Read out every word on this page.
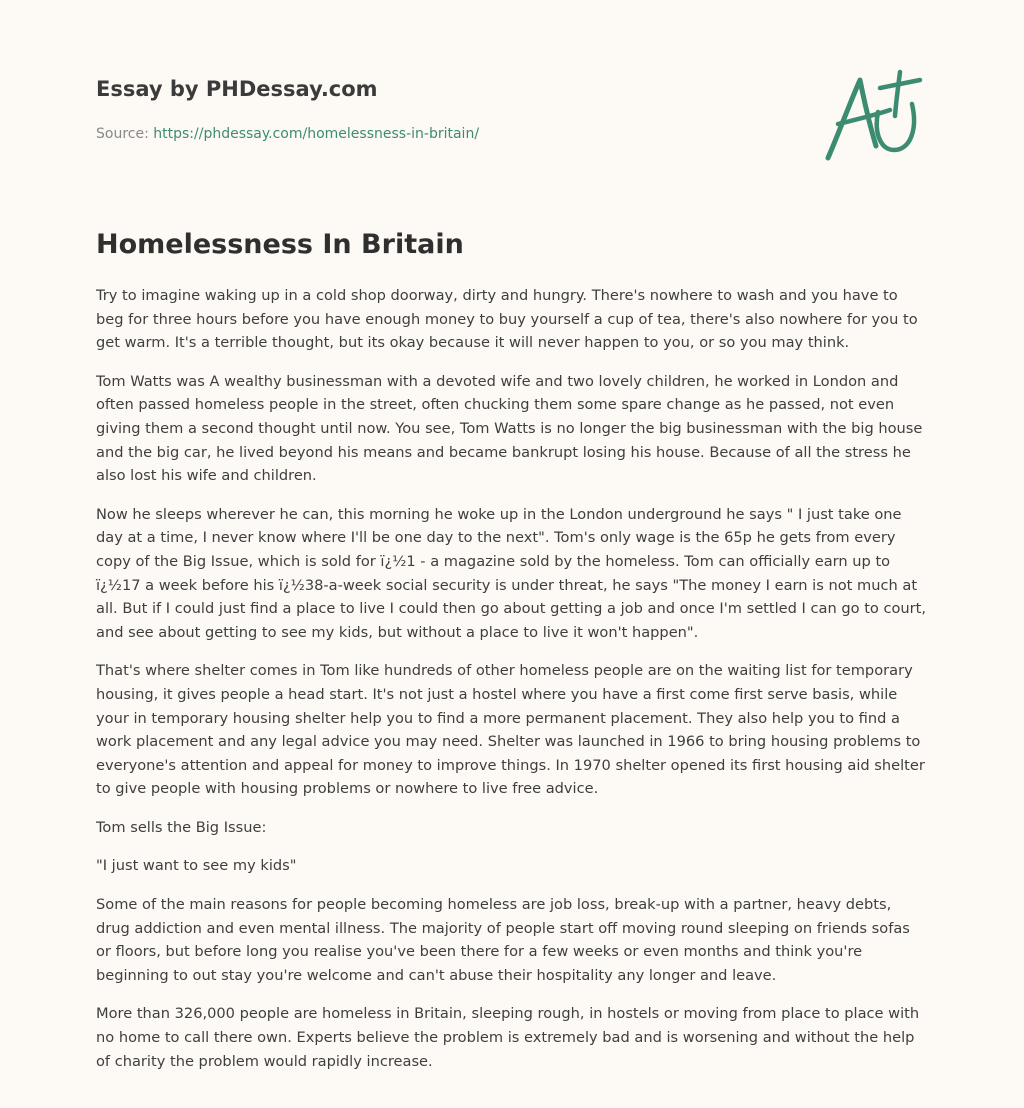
Essay by PHDessay.com
Source: https://phdessay.com/homelessness-in-britain/
Homelessness In Britain

Try to imagine waking up in a cold shop doorway, dirty and hungry. There's nowhere to wash and you have to beg for three hours before you have enough money to buy yourself a cup of tea, there's also nowhere for you to get warm. It's a terrible thought, but its okay because it will never happen to you, or so you may think.

Tom Watts was A wealthy businessman with a devoted wife and two lovely children, he worked in London and often passed homeless people in the street, often chucking them some spare change as he passed, not even giving them a second thought until now. You see, Tom Watts is no longer the big businessman with the big house and the big car, he lived beyond his means and became bankrupt losing his house. Because of all the stress he also lost his wife and children.

Now he sleeps wherever he can, this morning he woke up in the London underground he says " I just take one day at a time, I never know where I'll be one day to the next". Tom's only wage is the 65p he gets from every copy of the Big Issue, which is sold for ï¿½1 - a magazine sold by the homeless. Tom can officially earn up to ï¿½17 a week before his ï¿½38-a-week social security is under threat, he says "The money I earn is not much at all. But if I could just find a place to live I could then go about getting a job and once I'm settled I can go to court, and see about getting to see my kids, but without a place to live it won't happen".

That's where shelter comes in Tom like hundreds of other homeless people are on the waiting list for temporary housing, it gives people a head start. It's not just a hostel where you have a first come first serve basis, while your in temporary housing shelter help you to find a more permanent placement. They also help you to find a work placement and any legal advice you may need. Shelter was launched in 1966 to bring housing problems to everyone's attention and appeal for money to improve things. In 1970 shelter opened its first housing aid shelter to give people with housing problems or nowhere to live free advice.

Tom sells the Big Issue:

"I just want to see my kids"

Some of the main reasons for people becoming homeless are job loss, break-up with a partner, heavy debts, drug addiction and even mental illness. The majority of people start off moving round sleeping on friends sofas or floors, but before long you realise you've been there for a few weeks or even months and think you're beginning to out stay you're welcome and can't abuse their hospitality any longer and leave.

More than 326,000 people are homeless in Britain, sleeping rough, in hostels or moving from place to place with no home to call there own. Experts believe the problem is extremely bad and is worsening and without the help of charity the problem would rapidly increase.
